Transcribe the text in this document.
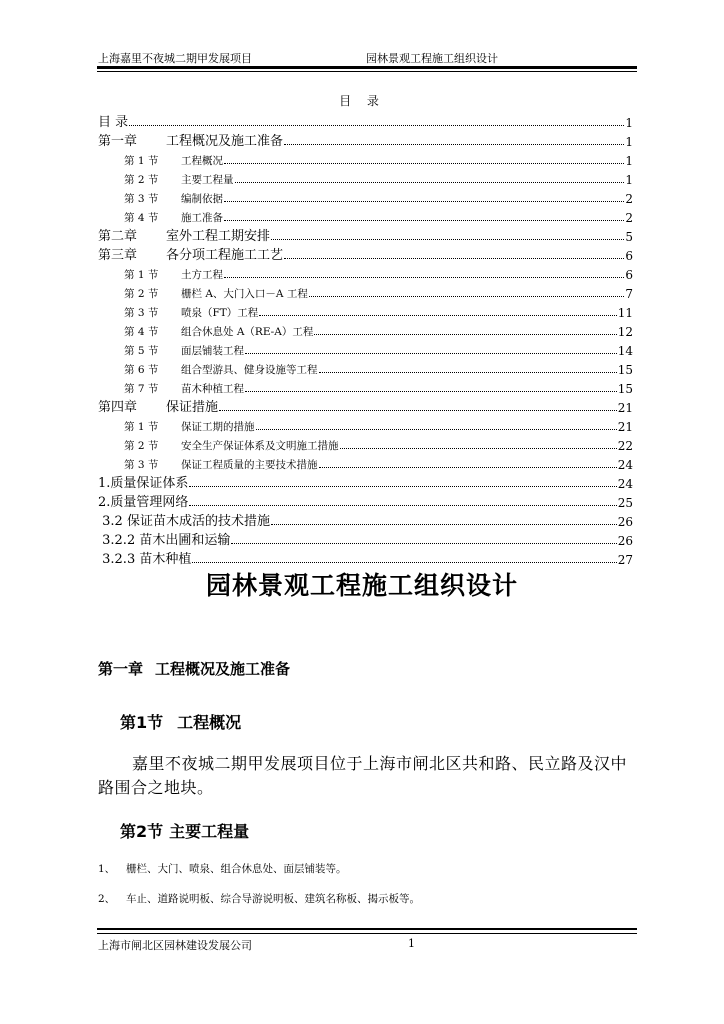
上海嘉里不夜城二期甲发展项目	园林景观工程施工组织设计
目 录
目 录	1
第一章	工程概况及施工准备	1
第 1 节	工程概况	1
第 2 节	主要工程量	1
第 3 节	编制依据	2
第 4 节	施工准备	2
第二章	室外工程工期安排	5
第三章	各分项工程施工工艺	6
第 1 节	土方工程	6
第 2 节	栅栏 A、大门入口－A 工程	7
第 3 节	喷泉（FT）工程	11
第 4 节	组合休息处 A（RE-A）工程	12
第 5 节	面层铺装工程	14
第 6 节	组合型游具、健身设施等工程	15
第 7 节	苗木种植工程	15
第四章	保证措施	21
第 1 节	保证工期的措施	21
第 2 节	安全生产保证体系及文明施工措施	22
第 3 节	保证工程质量的主要技术措施	24
1.质量保证体系	24
2.质量管理网络	25
3.2 保证苗木成活的技术措施	26
3.2.2 苗木出圃和运输	26
3.2.3 苗木种植	27
园林景观工程施工组织设计
第一章 工程概况及施工准备
第1节 工程概况
嘉里不夜城二期甲发展项目位于上海市闸北区共和路、民立路及汉中路围合之地块。
第2节 主要工程量
1、 栅栏、大门、喷泉、组合休息处、面层铺装等。
2、 车止、道路说明板、综合导游说明板、建筑名称板、揭示板等。
上海市闸北区园林建设发展公司	1
